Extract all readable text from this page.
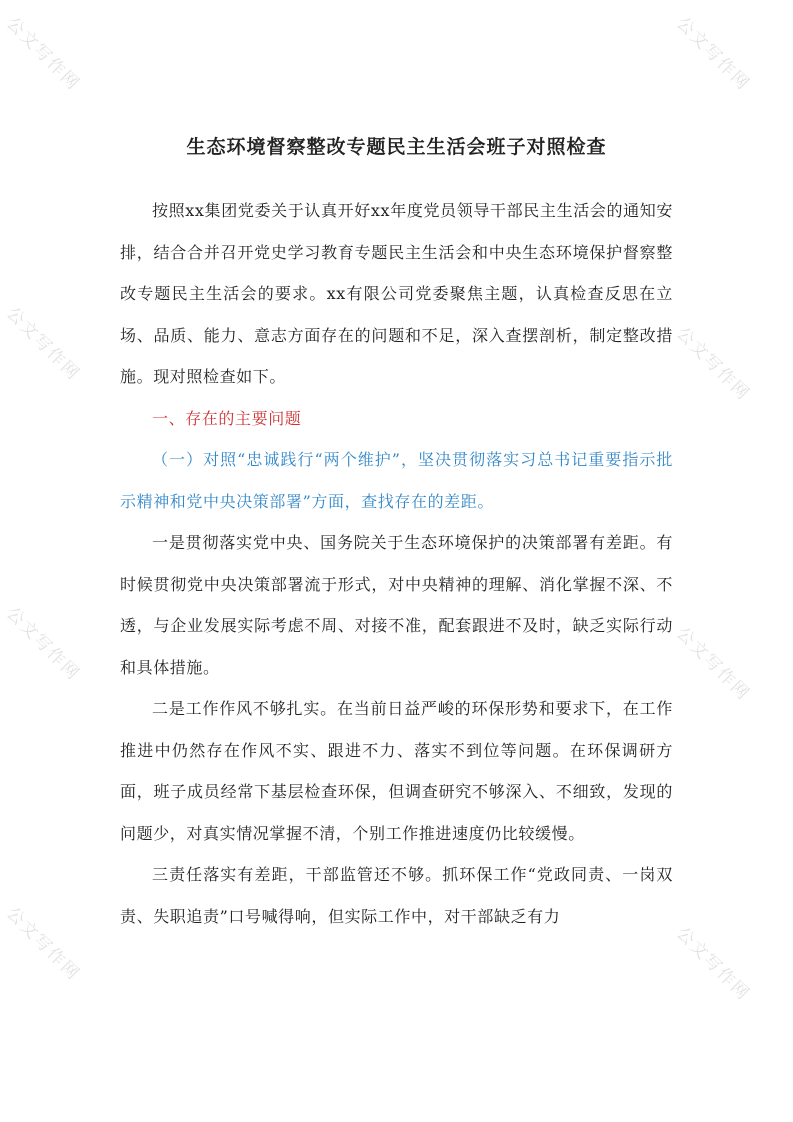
公文写作网
公文写作网
公文写作网
公文写作网
公文写作网
公文写作网
公文写作网
公文写作网
生态环境督察整改专题民主生活会班子对照检查

按照xx集团党委关于认真开好xx年度党员领导干部民主生活会的通知安排，结合合并召开党史学习教育专题民主生活会和中央生态环境保护督察整改专题民主生活会的要求。xx有限公司党委聚焦主题，认真检查反思在立场、品质、能力、意志方面存在的问题和不足，深入查摆剖析，制定整改措施。现对照检查如下。

一、存在的主要问题

（一）对照“忠诚践行“两个维护”，坚决贯彻落实习总书记重要指示批示精神和党中央决策部署”方面，查找存在的差距。

一是贯彻落实党中央、国务院关于生态环境保护的决策部署有差距。有时候贯彻党中央决策部署流于形式，对中央精神的理解、消化掌握不深、不透，与企业发展实际考虑不周、对接不准，配套跟进不及时，缺乏实际行动和具体措施。

二是工作作风不够扎实。在当前日益严峻的环保形势和要求下，在工作推进中仍然存在作风不实、跟进不力、落实不到位等问题。在环保调研方面，班子成员经常下基层检查环保，但调查研究不够深入、不细致，发现的问题少，对真实情况掌握不清，个别工作推进速度仍比较缓慢。

三责任落实有差距，干部监管还不够。抓环保工作“党政同责、一岗双责、失职追责”口号喊得响，但实际工作中，对干部缺乏有力
